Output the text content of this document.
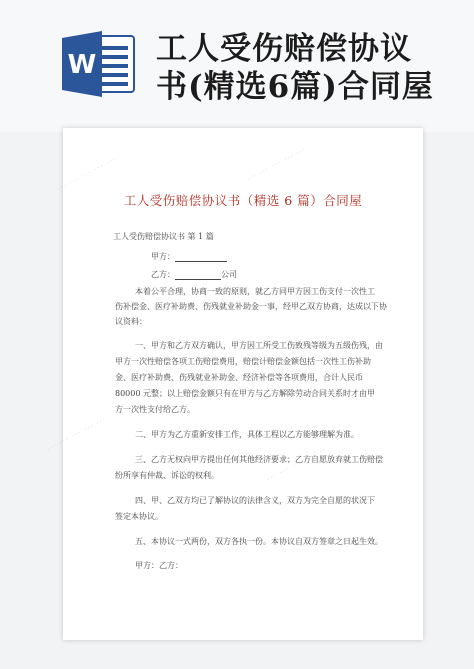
W 工人受伤赔偿协议
书(精选6篇)合同屋
··· ··· ··· ··· ···	··· ··· ··· ··· ···
··· ··· ··· ··· ···
··· ··· ··· ··· ···
工人受伤赔偿协议书（精选 6 篇）合同屋
工人受伤赔偿协议书 第 1 篇
甲方：
乙方：	公司
本着公平合理，协商一致的原则，就乙方同甲方因工伤支付一次性工
伤补偿金、医疗补助费、伤残就业补助金一事，经甲乙双方协商，达成以下协
议资料：
一、甲方和乙方双方确认，甲方因工所受工伤致残等级为五级伤残，由
甲方一次性赔偿各项工伤赔偿费用，赔偿计赔偿金额包括一次性工伤补助
金、医疗补助费、伤残就业补助金、经济补偿等各项费用，合计人民币
80000 元整；以上赔偿金额只有在甲方与乙方解除劳动合同关系时才由甲
方一次性支付给乙方。
二、甲方为乙方重新安排工作，具体工程以乙方能够理解为准。
三、乙方无权向甲方提出任何其他经济要求；乙方自愿放弃就工伤赔偿
纷所享有仲裁、诉讼的权利。
四、甲、乙双方均已了解协议的法律含义，双方为完全自愿的状况下
签定本协议。
五、本协议一式两份，双方各执一份。本协议自双方签章之日起生效。
甲方：乙方：
